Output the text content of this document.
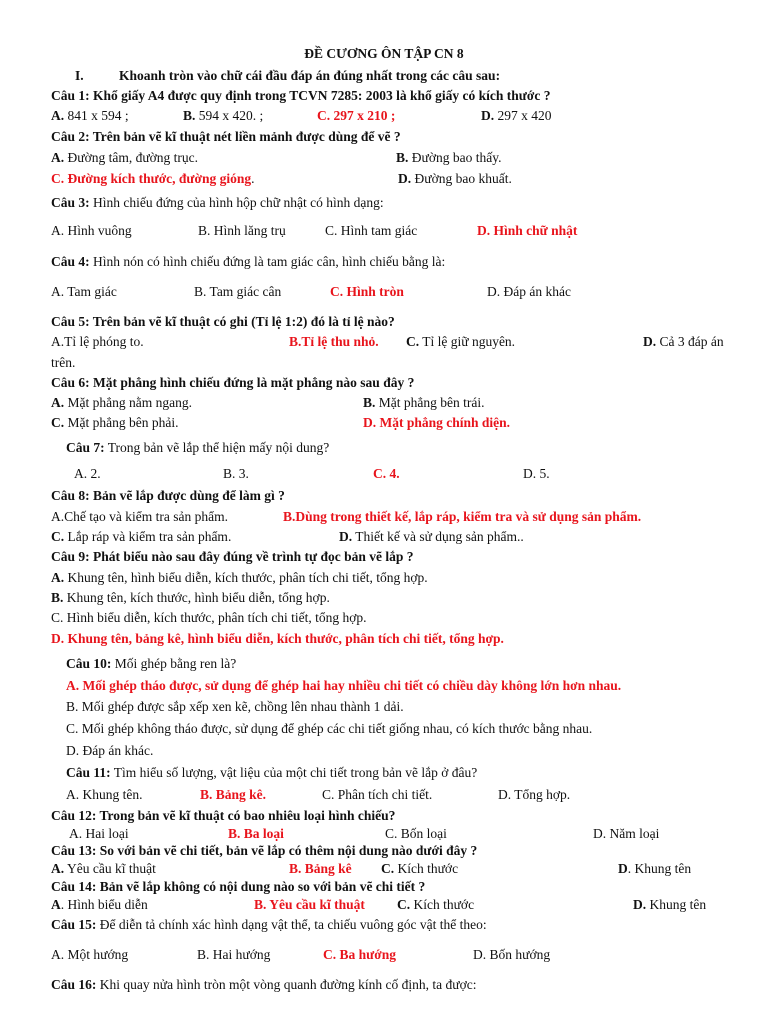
ĐỀ CƯƠNG ÔN TẬP CN 8
I.	Khoanh tròn vào chữ cái đầu đáp án đúng nhất trong các câu sau:
Câu 1: Khổ giấy A4 được quy định trong TCVN 7285: 2003 là khổ giấy có kích thước ?
A. 841 x 594 ;	B. 594 x 420. ;	C. 297 x 210 ;	D. 297 x 420
Câu 2: Trên bản vẽ kĩ thuật nét liền mảnh được dùng để vẽ ?
A. Đường tâm, đường trục.	B. Đường bao thấy.
C. Đường kích thước, đường gióng.	D. Đường bao khuất.
Câu 3: Hình chiếu đứng của hình hộp chữ nhật có hình dạng:
A. Hình vuông	B. Hình lăng trụ	C. Hình tam giác	D. Hình chữ nhật
Câu 4: Hình nón có hình chiếu đứng là tam giác cân, hình chiếu bằng là:
A. Tam giác	B. Tam giác cân	C. Hình tròn	D. Đáp án khác
Câu 5: Trên bản vẽ kĩ thuật có ghi (Tỉ lệ 1:2) đó là tỉ lệ nào?
A.Tỉ lệ phóng to.	B.Tỉ lệ thu nhỏ. C. Tỉ lệ giữ nguyên.	D. Cả 3 đáp án
trên.
Câu 6: Mặt phẳng hình chiếu đứng là mặt phẳng nào sau đây ?
A. Mặt phẳng nằm ngang.	B. Mặt phẳng bên trái.
C. Mặt phẳng bên phải.	D. Mặt phẳng chính diện.
Câu 7: Trong bản vẽ lắp thể hiện mấy nội dung?
A. 2.	B. 3.	C. 4.	D. 5.
Câu 8: Bản vẽ lắp được dùng để làm gì ?
A.Chế tạo và kiểm tra sản phẩm.	B.Dùng trong thiết kế, lắp ráp, kiểm tra và sử dụng sản phẩm.
C. Lắp ráp và kiểm tra sản phẩm.	D. Thiết kế và sử dụng sản phẩm..
Câu 9: Phát biểu nào sau đây đúng về trình tự đọc bản vẽ lắp ?
A. Khung tên, hình biểu diễn, kích thước, phân tích chi tiết, tổng hợp.
B. Khung tên, kích thước, hình biểu diễn, tổng hợp.
C. Hình biểu diễn, kích thước, phân tích chi tiết, tổng hợp.
D. Khung tên, bảng kê, hình biểu diễn, kích thước, phân tích chi tiết, tổng hợp.
Câu 10: Mối ghép bằng ren là?
A. Mối ghép tháo được, sử dụng để ghép hai hay nhiều chi tiết có chiều dày không lớn hơn nhau.
B. Mối ghép được sắp xếp xen kẽ, chồng lên nhau thành 1 dải.
C. Mối ghép không tháo được, sử dụng để ghép các chi tiết giống nhau, có kích thước bằng nhau.
D. Đáp án khác.
Câu 11: Tìm hiểu số lượng, vật liệu của một chi tiết trong bản vẽ lắp ở đâu?
A. Khung tên.	B. Bảng kê.	C. Phân tích chi tiết.	D. Tổng hợp.
Câu 12: Trong bản vẽ kĩ thuật có bao nhiêu loại hình chiếu?
A. Hai loại	B. Ba loại	C. Bốn loại	D. Năm loại
Câu 13: So với bản vẽ chi tiết, bản vẽ lắp có thêm nội dung nào dưới đây ?
A. Yêu cầu kĩ thuật	B. Bảng kê C. Kích thước	D. Khung tên
Câu 14: Bản vẽ lắp không có nội dung nào so với bản vẽ chi tiết ?
A. Hình biểu diễn	B. Yêu cầu kĩ thuật C. Kích thước	D. Khung tên
Câu 15: Để diễn tả chính xác hình dạng vật thể, ta chiếu vuông góc vật thể theo:
A. Một hướng	B. Hai hướng	C. Ba hướng	D. Bốn hướng
Câu 16: Khi quay nửa hình tròn một vòng quanh đường kính cố định, ta được:
